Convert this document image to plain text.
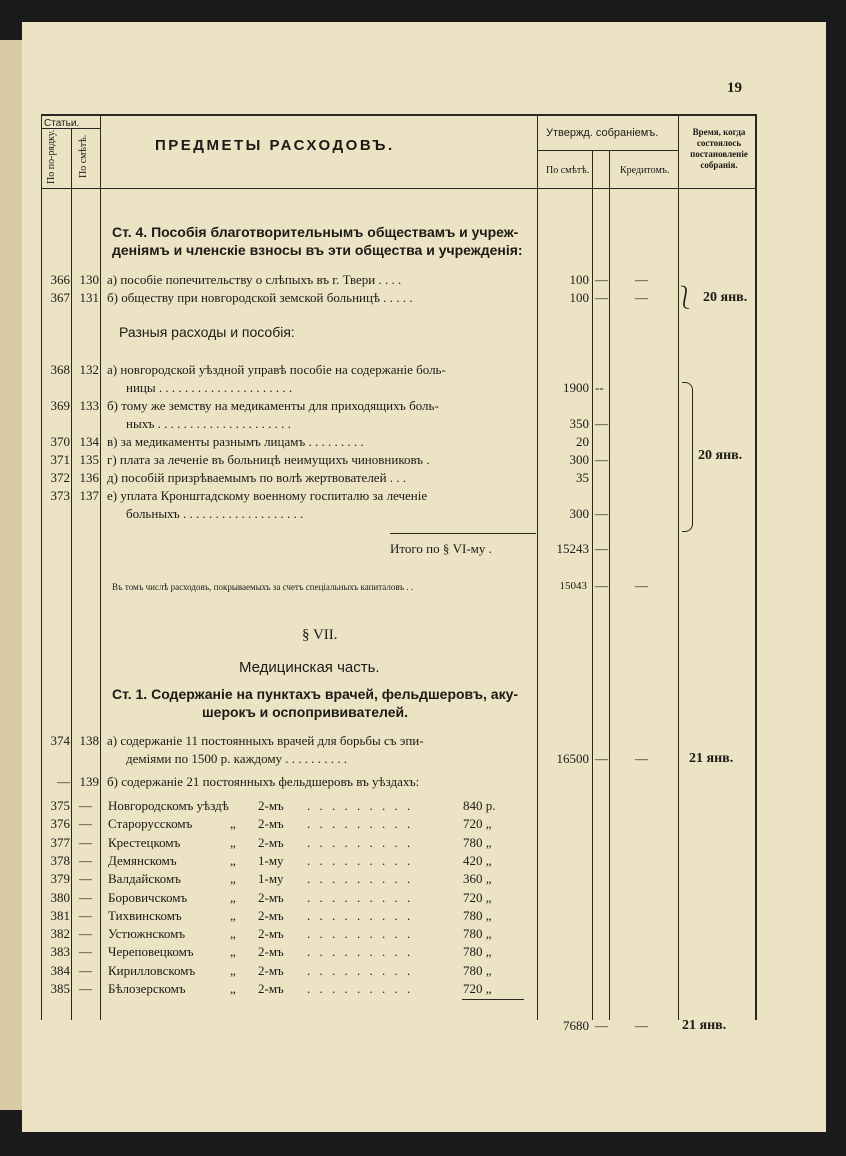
19
Статьи.
По по-рядку. По смѣтѣ.	ПРЕДМЕТЫ РАСХОДОВЪ.
Утвержд. собраніемъ.
По смѣтѣ.	Кредитомъ.
Время, когда
состоялось
постановленіе
собранія.
Ст. 4. Пособія благотворительнымъ обществамъ и учреж-
деніямъ и членскіе взносы въ эти общества и учрежденія:
⎱ 20 янв.
Разныя расходы и пособія:
20 янв.
Итого по § VI-му .	15243 —
Въ томъ числѣ расходовъ, покрываемыхъ за счетъ спеціальныхъ капиталовъ . .	15043 — —
§ VII.
Медицинская часть.
Ст. 1. Содержаніе на пунктахъ врачей, фельдшеровъ, аку-
шерокъ и оспопрививателей.
374 138 а) содержаніе 11 постоянныхъ врачей для борьбы съ эпи-
деміями по 1500 р. каждому . . . . . . . . . .	16500 — —	21 янв.
— 139 б) содержаніе 21 постоянныхъ фельдшеровъ въ уѣздахъ:
7680 — — 21 янв.
366 130 а) пособіе попечительству о слѣпыхъ въ г. Твери . . . .	100 — —
367 131 б) обществу при новгородской земской больницѣ . . . . .	100 — —
368 132 а) новгородской уѣздной управѣ пособіе на содержаніе боль-
ницы . . . . . . . . . . . . . . . . . . . . .	1900 --
369 133 б) тому же земству на медикаменты для приходящихъ боль-
ныхъ . . . . . . . . . . . . . . . . . . . . .	350 —
370 134 в) за медикаменты разнымъ лицамъ . . . . . . . . .	20
371 135 г) плата за леченіе въ больницѣ неимущихъ чиновниковъ .	300 —
372 136 д) пособій призрѣваемымъ по волѣ жертвователей . . .	35
373 137 е) уплата Кронштадскому военному госпиталю за леченіе
больныхъ . . . . . . . . . . . . . . . . . . .	300 —
375 —	Новгородскомъ уѣздѣ 2-мъ . . . . . . . . .	840 р.
376 —	Старорусскомъ	„ 2-мъ . . . . . . . . .	720 „
377 —	Крестецкомъ	„ 2-мъ . . . . . . . . .	780 „
378 —	Демянскомъ	„ 1-му . . . . . . . . .	420 „
379 —	Валдайскомъ	„ 1-му . . . . . . . . .	360 „
380 —	Боровичскомъ	„ 2-мъ . . . . . . . . .	720 „
381 —	Тихвинскомъ	„ 2-мъ . . . . . . . . .	780 „
382 —	Устюжнскомъ	„ 2-мъ . . . . . . . . .	780 „
383 —	Череповецкомъ	„ 2-мъ . . . . . . . . .	780 „
384 —	Кирилловскомъ	„ 2-мъ . . . . . . . . .	780 „
385 —	Бѣлозерскомъ	„ 2-мъ . . . . . . . . .	720 „
